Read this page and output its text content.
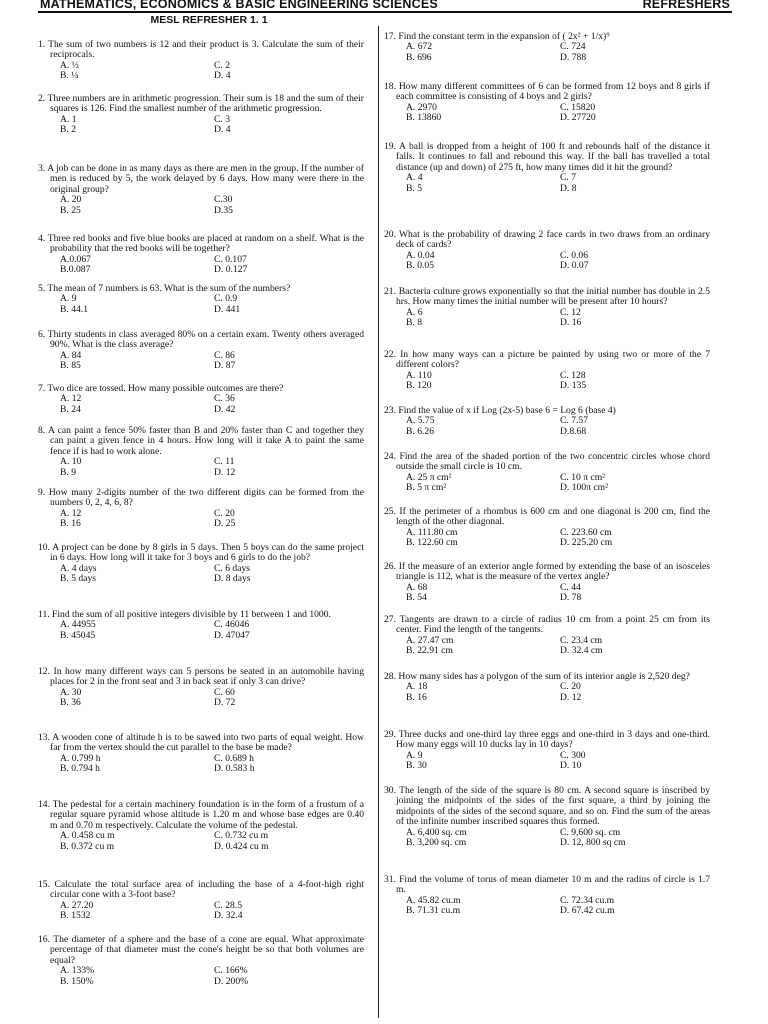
MATHEMATICS, ECONOMICS & BASIC ENGINEERING SCIENCES	REFRESHERS
MESL REFRESHER 1. 1
1. The sum of two numbers is 12 and their product is 3. Calculate the sum of their reciprocals.
A. ⅓	C. 2
B. ¼	D. 4
2. Three numbers are in arithmetic progression. Their sum is 18 and the sum of their squares is 126. Find the smallest number of the arithmetic progression.
A. 1	C. 3
B. 2	D. 4
3. A job can be done in as many days as there are men in the group. If the number of men is reduced by 5, the work delayed by 6 days. How many were there in the original group?
A. 20	C.30
B. 25	D.35
4. Three red books and five blue books are placed at random on a shelf. What is the probability that the red books will be together?
A.0.067	C. 0.107
B.0.087	D. 0.127
5. The mean of 7 numbers is 63. What is the sum of the numbers?
A. 9	C. 0.9
B. 44.1	D. 441
6. Thirty students in class averaged 80% on a certain exam. Twenty others averaged 90%. What is the class average?
A. 84	C. 86
B. 85	D. 87
7. Two dice are tossed. How many possible outcomes are there?
A. 12	C. 36
B. 24	D. 42
8. A can paint a fence 50% faster than B and 20% faster than C and together they can paint a given fence in 4 hours. How long will it take A to paint the same fence if is had to work alone.
A. 10	C. 11
B. 9	D. 12
9. How many 2-digits number of the two different digits can be formed from the numbers 0, 2, 4, 6, 8?
A. 12	C. 20
B. 16	D. 25
10. A project can be done by 8 girls in 5 days. Then 5 boys can do the same project in 6 days. How long will it take for 3 boys and 6 girls to do the job?
A. 4 days	C. 6 days
B. 5 days	D. 8 days
11. Find the sum of all positive integers divisible by 11 between 1 and 1000.
A. 44955	C. 46046
B. 45045	D. 47047
12. In how many different ways can 5 persons be seated in an automobile having places for 2 in the front seat and 3 in back seat if only 3 can drive?
A. 30	C. 60
B. 36	D. 72
13. A wooden cone of altitude h is to be sawed into two parts of equal weight. How far from the vertex should the cut parallel to the base be made?
A. 0.799 h	C. 0.689 h
B. 0.794 h	D. 0.583 h
14. The pedestal for a certain machinery foundation is in the form of a frustum of a regular square pyramid whose altitude is 1.20 m and whose base edges are 0.40 m and 0.70 m respectively. Calculate the volume of the pedestal.
A. 0.458 cu m	C. 0.732 cu m
B. 0.372 cu m	D. 0.424 cu m
15. Calculate the total surface area of including the base of a 4-foot-high right circular cone with a 3-foot base?
A. 27.20	C. 28.5
B. 1532	D. 32.4
16. The diameter of a sphere and the base of a cone are equal. What approximate percentage of that diameter must the cone's height be so that both volumes are equal?
A. 133%	C. 166%
B. 150%	D. 200%
17. Find the constant term in the expansion of ( 2x² + 1/x)⁹
A. 672	C. 724
B. 696	D. 788
18. How many different committees of 6 can be formed from 12 boys and 8 girls if each committee is consisting of 4 boys and 2 girls?
A. 2970	C. 15820
B. 13860	D. 27720
19. A ball is dropped from a height of 100 ft and rebounds half of the distance it falls. It continues to fall and rebound this way. If the ball has travelled a total distance (up and down) of 275 ft, how many times did it hit the ground?
A. 4	C. 7
B. 5	D. 8
20. What is the probability of drawing 2 face cards in two draws from an ordinary deck of cards?
A. 0.04	C. 0.06
B. 0.05	D. 0.07
21. Bacteria culture grows exponentially so that the initial number has double in 2.5 hrs. How many times the initial number will be present after 10 hours?
A. 6	C. 12
B. 8	D. 16
22. In how many ways can a picture be painted by using two or more of the 7 different colors?
A. 110	C. 128
B. 120	D. 135
23. Find the value of x if Log (2x-5) base 6 = Log 6 (base 4)
A. 5.75	C. 7.57
B. 6.26	D.8.68
24. Find the area of the shaded portion of the two concentric circles whose chord outside the small circle is 10 cm.
A. 25 π cm²	C. 10 π cm²
B. 5 π cm²	D. 100π cm²
25. If the perimeter of a rhombus is 600 cm and one diagonal is 200 cm, find the length of the other diagonal.
A. 111.80 cm	C. 223.60 cm
B. 122.60 cm	D. 225.20 cm
26. If the measure of an exterior angle formed by extending the base of an isosceles triangle is 112, what is the measure of the vertex angle?
A. 68	C. 44
B. 54	D. 78
27. Tangents are drawn to a circle of radius 10 cm from a point 25 cm from its center. Find the length of the tangents.
A. 27.47 cm	C. 23.4 cm
B. 22.91 cm	D. 32.4 cm
28. How many sides has a polygon of the sum of its interior angle is 2,520 deg?
A. 18	C. 20
B. 16	D. 12
29. Three ducks and one-third lay three eggs and one-third in 3 days and one-third. How many eggs will 10 ducks lay in 10 days?
A. 9	C. 300
B. 30	D. 10
30. The length of the side of the square is 80 cm. A second square is inscribed by joining the midpoints of the sides of the first square, a third by joining the midpoints of the sides of the second square, and so on. Find the sum of the areas of the infinite number inscribed squares thus formed.
A. 6,400 sq. cm	C. 9,600 sq. cm
B. 3,200 sq. cm	D. 12, 800 sq cm
31. Find the volume of torus of mean diameter 10 m and the radius of circle is 1.7 m.
A. 45.82 cu.m	C. 72.34 cu.m
B. 71.31 cu.m	D. 67.42 cu.m
